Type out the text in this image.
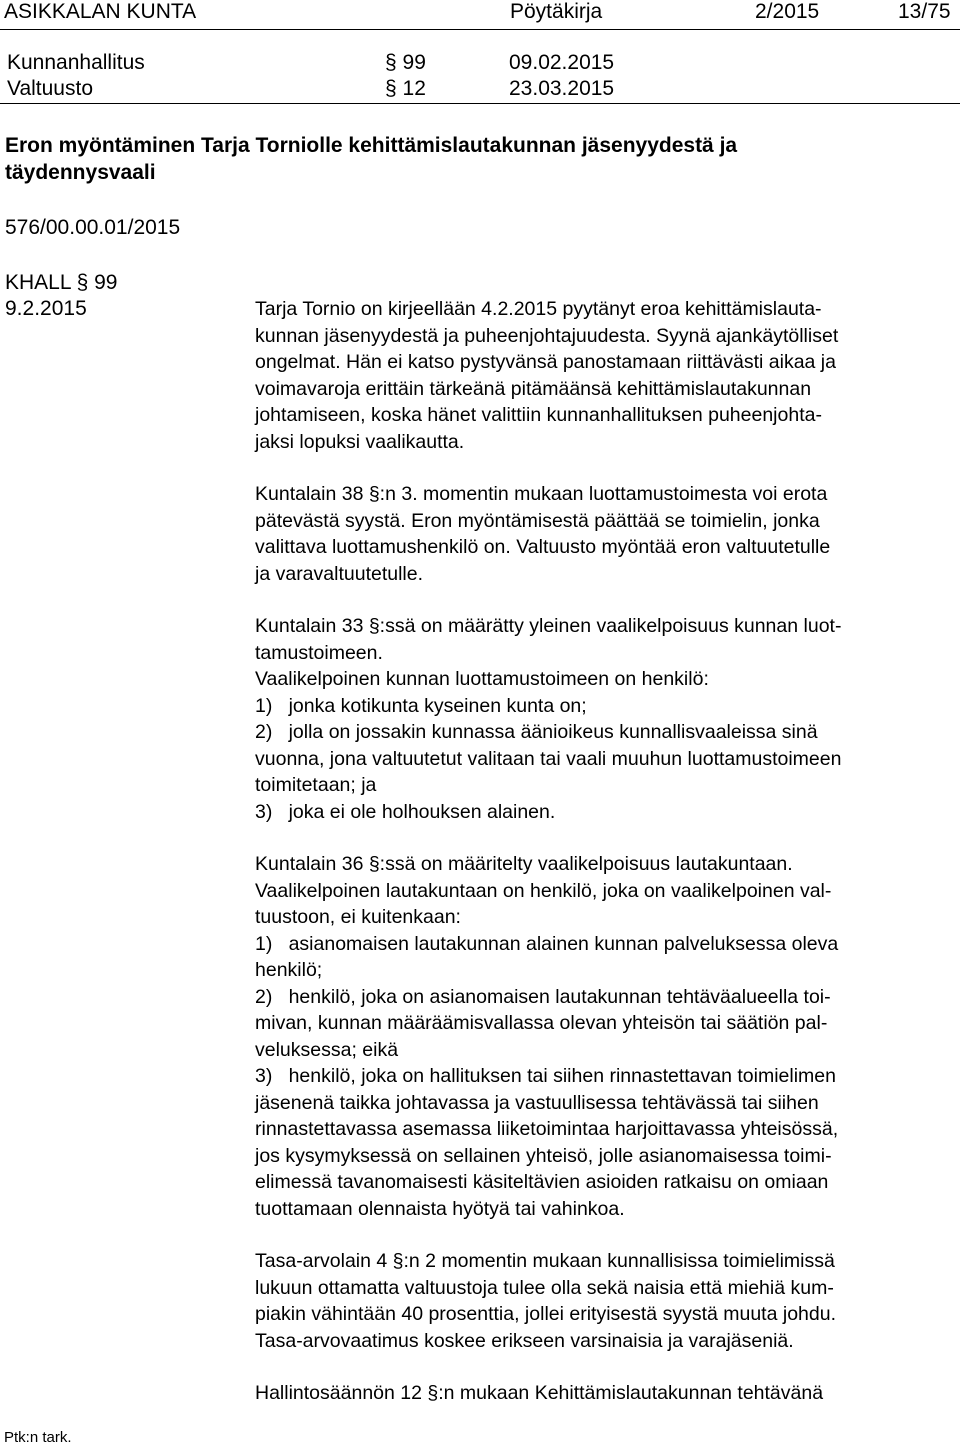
ASIKKALAN KUNTA	Pöytäkirja	2/2015	13/75
Kunnanhallitus	§ 99	09.02.2015
Valtuusto	§ 12	23.03.2015
Eron myöntäminen Tarja Torniolle kehittämislautakunnan jäsenyydestä ja
täydennysvaali
576/00.00.01/2015
KHALL § 99
9.2.2015	Tarja Tornio on kirjeellään 4.2.2015 pyytänyt eroa kehittämislauta-

kunnan jäsenyydestä ja puheenjohtajuudesta. Syynä ajankäytölliset

ongelmat. Hän ei katso pystyvänsä panostamaan riittävästi aikaa ja

voimavaroja erittäin tärkeänä pitämäänsä kehittämislautakunnan

johtamiseen, koska hänet valittiin kunnanhallituksen puheenjohta-

jaksi lopuksi vaalikautta.

Kuntalain 38 §:n 3. momentin mukaan luottamustoimesta voi erota

pätevästä syystä. Eron myöntämisestä päättää se toimielin, jonka

valittava luottamushenkilö on. Valtuusto myöntää eron valtuutetulle

ja varavaltuutetulle.

Kuntalain 33 §:ssä on määrätty yleinen vaalikelpoisuus kunnan luot-

tamustoimeen.

Vaalikelpoinen kunnan luottamustoimeen on henkilö:

1)   jonka kotikunta kyseinen kunta on;

2)   jolla on jossakin kunnassa äänioikeus kunnallisvaaleissa sinä

vuonna, jona valtuutetut valitaan tai vaali muuhun luottamustoimeen

toimitetaan; ja

3)   joka ei ole holhouksen alainen.

Kuntalain 36 §:ssä on määritelty vaalikelpoisuus lautakuntaan.

Vaalikelpoinen lautakuntaan on henkilö, joka on vaalikelpoinen val-

tuustoon, ei kuitenkaan:

1)   asianomaisen lautakunnan alainen kunnan palveluksessa oleva

henkilö;

2)   henkilö, joka on asianomaisen lautakunnan tehtäväalueella toi-

mivan, kunnan määräämisvallassa olevan yhteisön tai säätiön pal-

veluksessa; eikä

3)   henkilö, joka on hallituksen tai siihen rinnastettavan toimielimen

jäsenenä taikka johtavassa ja vastuullisessa tehtävässä tai siihen

rinnastettavassa asemassa liiketoimintaa harjoittavassa yhteisössä,

jos kysymyksessä on sellainen yhteisö, jolle asianomaisessa toimi-

elimessä tavanomaisesti käsiteltävien asioiden ratkaisu on omiaan

tuottamaan olennaista hyötyä tai vahinkoa.

Tasa-arvolain 4 §:n 2 momentin mukaan kunnallisissa toimielimissä

lukuun ottamatta valtuustoja tulee olla sekä naisia että miehiä kum-

piakin vähintään 40 prosenttia, jollei erityisestä syystä muuta johdu.

Tasa-arvovaatimus koskee erikseen varsinaisia ja varajäseniä.

Hallintosäännön 12 §:n mukaan Kehittämislautakunnan tehtävänä

Ptk:n tark.
